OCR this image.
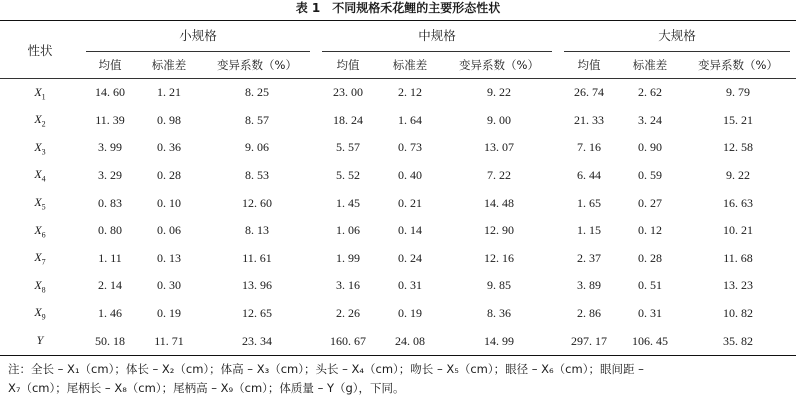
表 1 不同规格禾花鲤的主要形态性状
性状	小规格			中规格			大规格		

	均值	标准差	变异系数（%）	均值	标准差	变异系数（%）	均值	标准差	变异系数（%）
$X_1$	14. 60	1. 21	8. 25	23. 00	2. 12	9. 22	26. 74	2. 62	9. 79
$X_2$	11. 39	0. 98	8. 57	18. 24	1. 64	9. 00	21. 33	3. 24	15. 21
$X_3$	3. 99	0. 36	9. 06	5. 57	0. 73	13. 07	7. 16	0. 90	12. 58
$X_4$	3. 29	0. 28	8. 53	5. 52	0. 40	7. 22	6. 44	0. 59	9. 22
$X_5$	0. 83	0. 10	12. 60	1. 45	0. 21	14. 48	1. 65	0. 27	16. 63
$X_6$	0. 80	0. 06	8. 13	1. 06	0. 14	12. 90	1. 15	0. 12	10. 21
$X_7$	1. 11	0. 13	11. 61	1. 99	0. 24	12. 16	2. 37	0. 28	11. 68
$X_8$	2. 14	0. 30	13. 96	3. 16	0. 31	9. 85	3. 89	0. 51	13. 23
$X_9$	1. 46	0. 19	12. 65	2. 26	0. 19	8. 36	2. 86	0. 31	10. 82
Y	50. 18	11. 71	23. 34	160. 67	24. 08	14. 99	297. 17	106. 45	35. 82
注：全长 – X₁（cm）；体长 – X₂（cm）；体高 – X₃（cm）；头长 – X₄（cm）；吻长 – X₅（cm）；眼径 – X₆（cm）；眼间距 –
X₇（cm）；尾柄长 – X₈（cm）；尾柄高 – X₉（cm）；体质量 – Y（g），下同。
